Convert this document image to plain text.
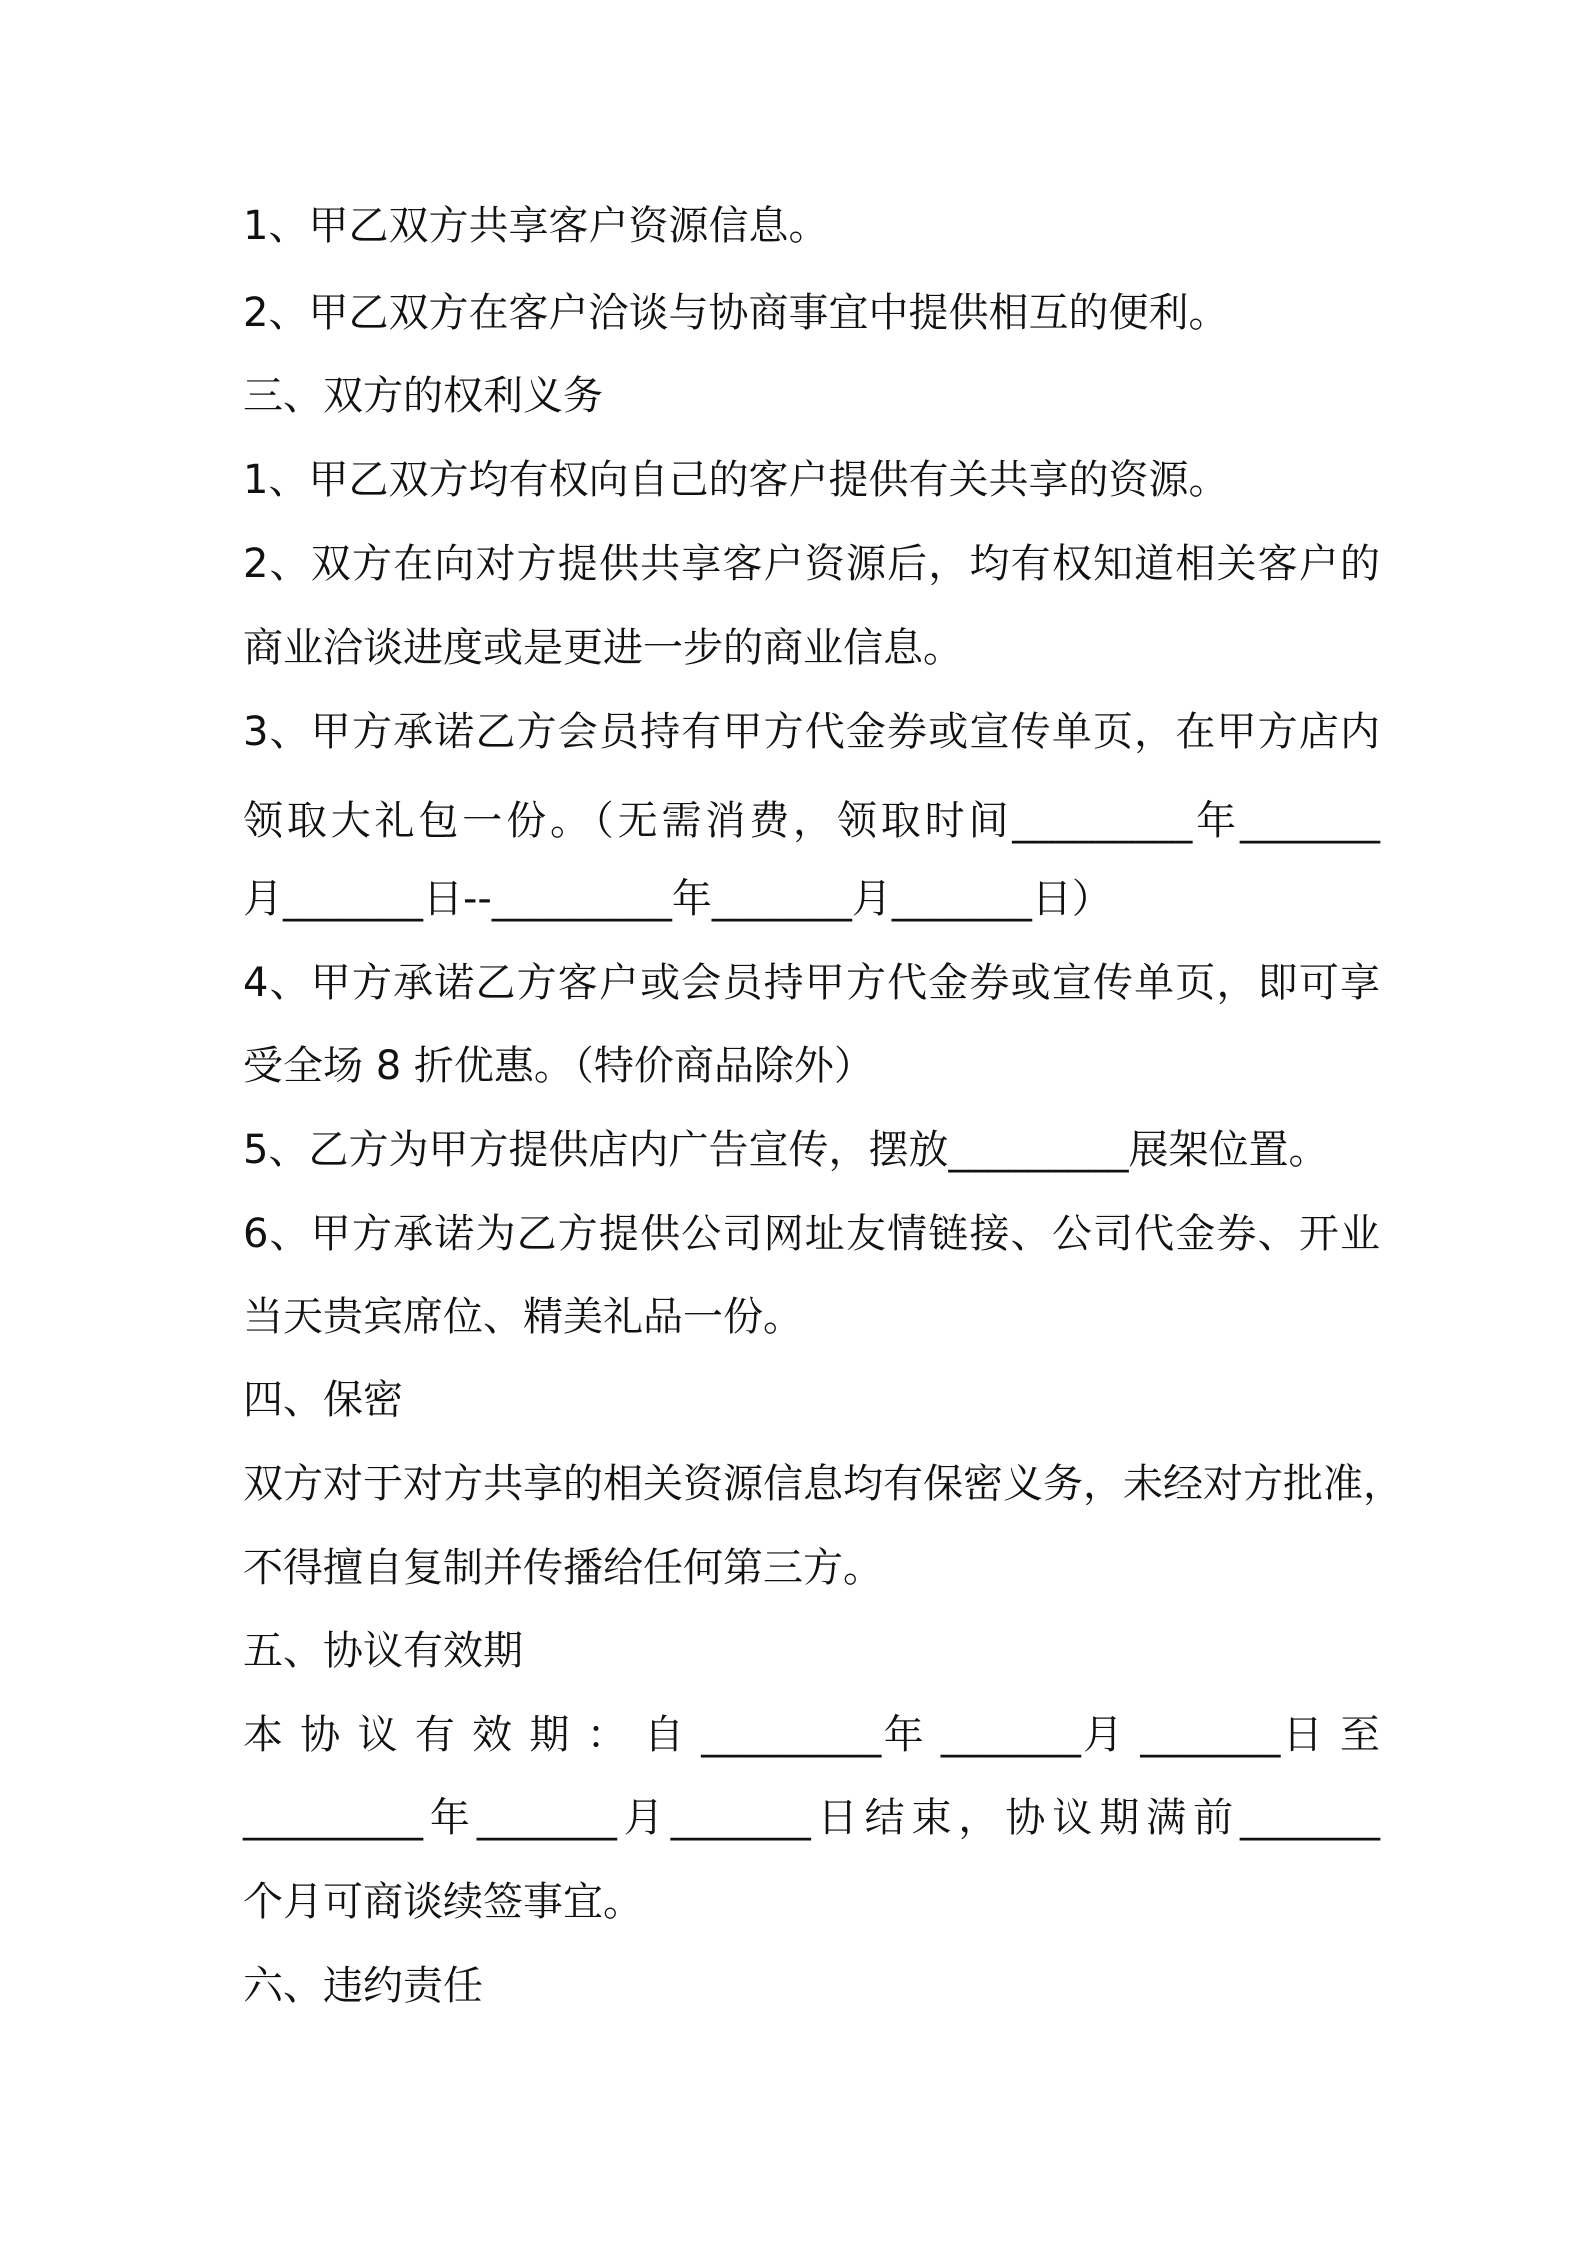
1、甲乙双方共享客户资源信息。
2、甲乙双方在客户洽谈与协商事宜中提供相互的便利。
三、双方的权利义务
1、甲乙双方均有权向自己的客户提供有关共享的资源。
2、双方在向对方提供共享客户资源后，均有权知道相关客户的
商业洽谈进度或是更进一步的商业信息。
3、甲方承诺乙方会员持有甲方代金券或宣传单页，在甲方店内
领取大礼包一份。（无需消费，领取时间_________年_______
月_______日--_________年_______月_______日）
4、甲方承诺乙方客户或会员持甲方代金券或宣传单页，即可享
受全场 8 折优惠。（特价商品除外）
5、乙方为甲方提供店内广告宣传，摆放_________展架位置。
6、甲方承诺为乙方提供公司网址友情链接、公司代金券、开业
当天贵宾席位、精美礼品一份。
四、保密
双方对于对方共享的相关资源信息均有保密义务，未经对方批准，
不得擅自复制并传播给任何第三方。
五、协议有效期
本 协 议 有 效 期 ： 自 _________年 _______月 _______日 至
_________年_______月_______日结束，协议期满前_______
个月可商谈续签事宜。
六、违约责任
